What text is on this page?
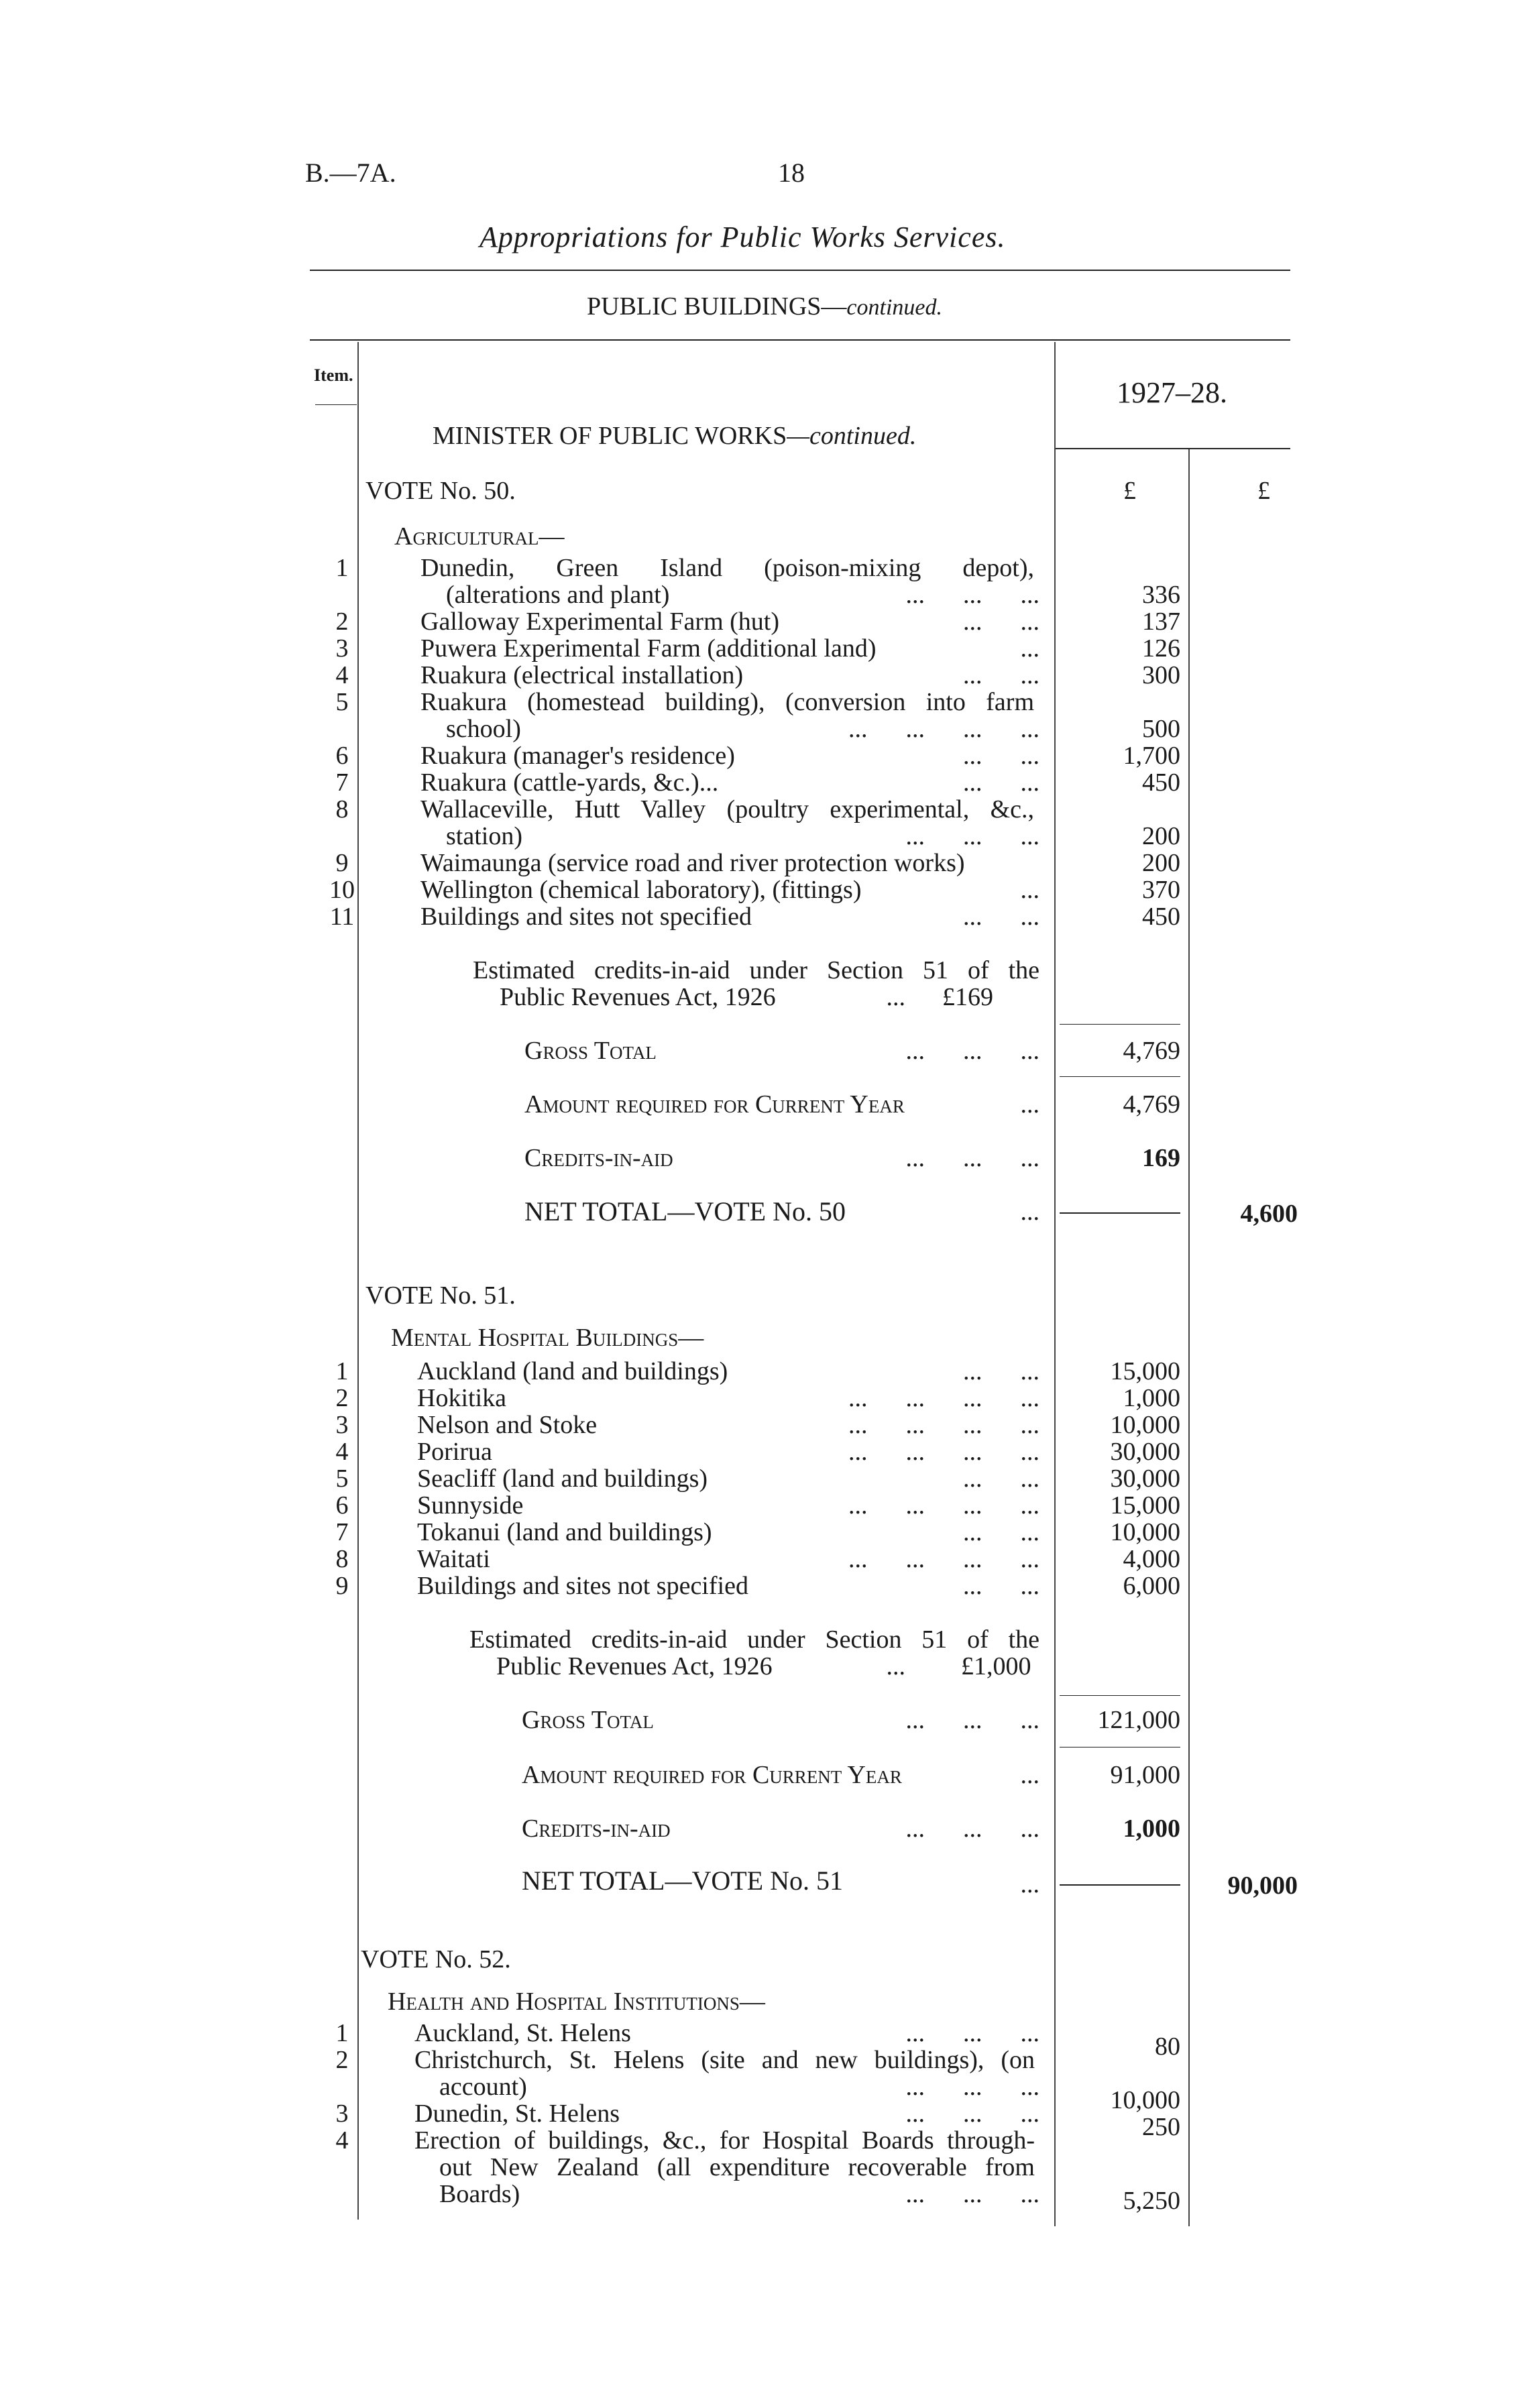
B.—7A.	18
Appropriations for Public Works Services.
PUBLIC BUILDINGS—continued.
Item.
1927–28.
MINISTER OF PUBLIC WORKS—continued.
£	£
VOTE No. 50.
Agricultural—
1	Dunedin, Green Island (poison-mixing depot),
(alterations and plant)	...      ...      ...	336
2	Galloway Experimental Farm (hut)	...      ...	137
3	Puwera Experimental Farm (additional land)	...	126
4	Ruakura (electrical installation)	...      ...	300
5	Ruakura (homestead building), (conversion into farm
school)	...      ...      ...      ...	500
6	Ruakura (manager's residence)	...      ...	1,700
7	Ruakura (cattle-yards, &c.)...	...      ...	450
8	Wallaceville, Hutt Valley (poultry experimental, &c.,
station)	...      ...      ...	200
9	Waimaunga (service road and river protection works)	200
10	Wellington (chemical laboratory), (fittings)	...	370
11	Buildings and sites not specified	...      ...	450
Estimated credits-in-aid under Section 51 of the
Public Revenues Act, 1926	... £169
Gross Total	...      ...      ...	4,769
Amount required for Current Year	...	4,769
Credits-in-aid	...      ...      ...	169
NET TOTAL—VOTE No. 50	...	4,600
VOTE No. 51.
Mental Hospital Buildings—
1	Auckland (land and buildings)	...      ...	15,000
2	Hokitika	...      ...      ...      ...	1,000
3	Nelson and Stoke	...      ...      ...      ...	10,000
4	Porirua	...      ...      ...      ...	30,000
5	Seacliff (land and buildings)	...      ...	30,000
6	Sunnyside	...      ...      ...      ...	15,000
7	Tokanui (land and buildings)	...      ...	10,000
8	Waitati	...      ...      ...      ...	4,000
9	Buildings and sites not specified	...      ...	6,000
Estimated credits-in-aid under Section 51 of the
Public Revenues Act, 1926	... £1,000
Gross Total	...      ...      ...	121,000
Amount required for Current Year	...	91,000
Credits-in-aid	...      ...      ...	1,000
NET TOTAL—VOTE No. 51	...	90,000
VOTE No. 52.
Health and Hospital Institutions—
1	Auckland, St. Helens	...      ...      ...	80
2	Christchurch, St. Helens (site and new buildings), (on
account)	...      ...      ...	10,000
3	Dunedin, St. Helens	...      ...      ...	250
4	Erection of buildings, &c., for Hospital Boards through-
out New Zealand (all expenditure recoverable from
Boards)	...      ...      ...	5,250
